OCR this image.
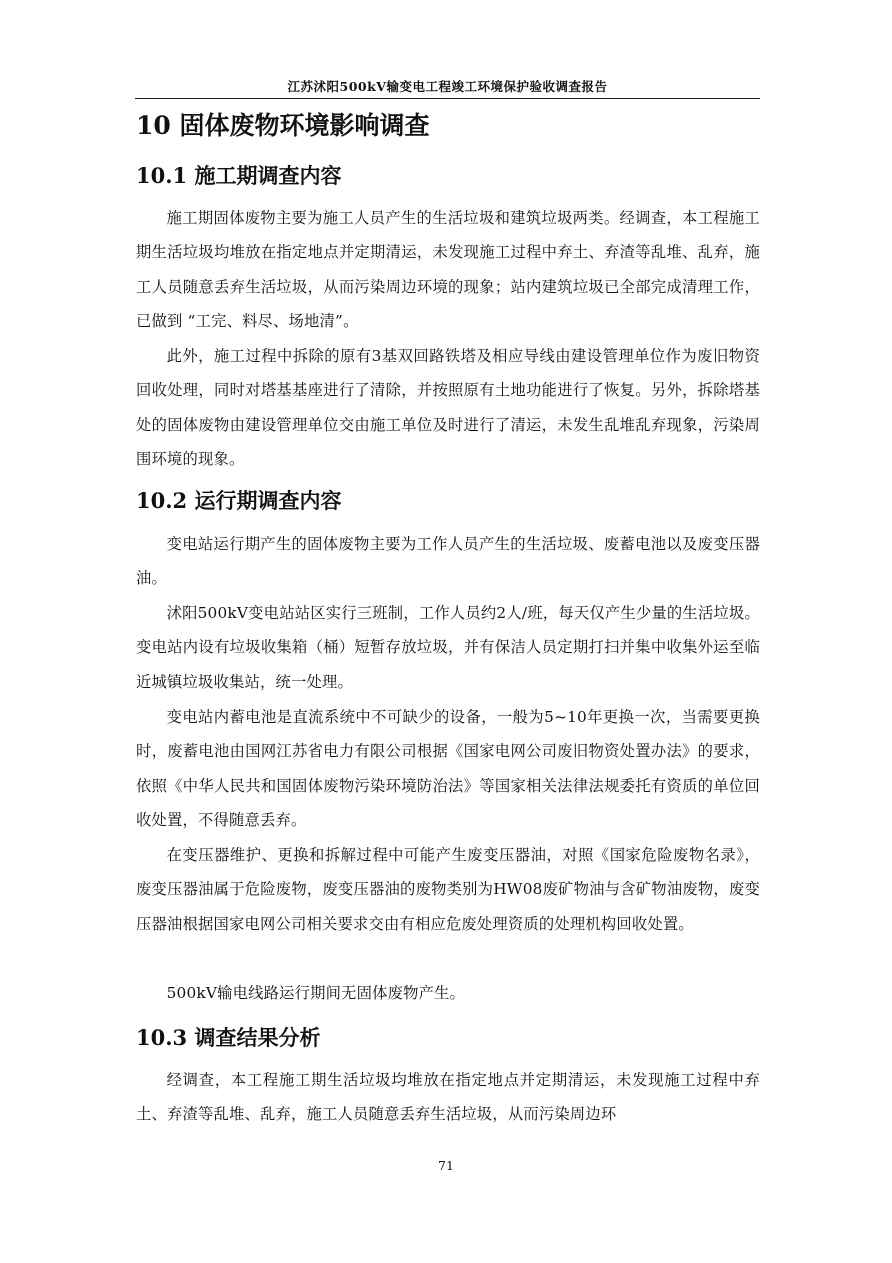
江苏沭阳500kV输变电工程竣工环境保护验收调查报告
10 固体废物环境影响调查
10.1 施工期调查内容

施工期固体废物主要为施工人员产生的生活垃圾和建筑垃圾两类。经调查，本工程施工期生活垃圾均堆放在指定地点并定期清运，未发现施工过程中弃土、弃渣等乱堆、乱弃，施工人员随意丢弃生活垃圾，从而污染周边环境的现象；站内建筑垃圾已全部完成清理工作，已做到 “工完、料尽、场地清”。

此外，施工过程中拆除的原有3基双回路铁塔及相应导线由建设管理单位作为废旧物资回收处理，同时对塔基基座进行了清除，并按照原有土地功能进行了恢复。另外，拆除塔基处的固体废物由建设管理单位交由施工单位及时进行了清运，未发生乱堆乱弃现象，污染周围环境的现象。

10.2 运行期调查内容

变电站运行期产生的固体废物主要为工作人员产生的生活垃圾、废蓄电池以及废变压器油。

沭阳500kV变电站站区实行三班制，工作人员约2人/班，每天仅产生少量的生活垃圾。变电站内设有垃圾收集箱（桶）短暂存放垃圾，并有保洁人员定期打扫并集中收集外运至临近城镇垃圾收集站，统一处理。

变电站内蓄电池是直流系统中不可缺少的设备，一般为5~10年更换一次，当需要更换时，废蓄电池由国网江苏省电力有限公司根据《国家电网公司废旧物资处置办法》的要求，依照《中华人民共和国固体废物污染环境防治法》等国家相关法律法规委托有资质的单位回收处置，不得随意丢弃。

在变压器维护、更换和拆解过程中可能产生废变压器油，对照《国家危险废物名录》，废变压器油属于危险废物，废变压器油的废物类别为HW08废矿物油与含矿物油废物，废变压器油根据国家电网公司相关要求交由有相应危废处理资质的处理机构回收处置。

500kV输电线路运行期间无固体废物产生。

10.3 调查结果分析

经调查，本工程施工期生活垃圾均堆放在指定地点并定期清运，未发现施工过程中弃土、弃渣等乱堆、乱弃，施工人员随意丢弃生活垃圾，从而污染周边环

71
